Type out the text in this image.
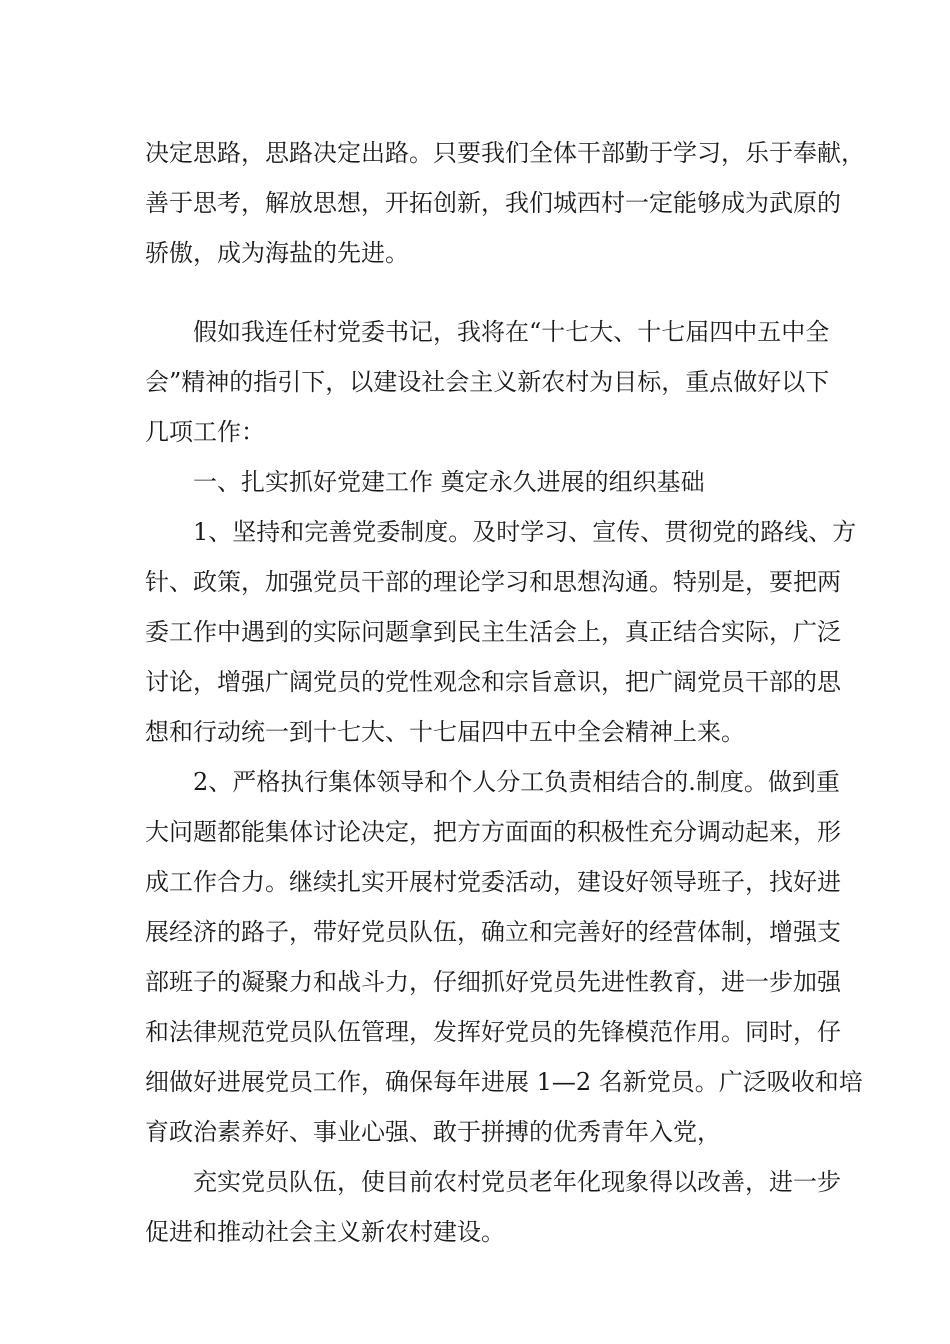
决定思路，思路决定出路。只要我们全体干部勤于学习，乐于奉献，
善于思考，解放思想，开拓创新，我们城西村一定能够成为武原的
骄傲，成为海盐的先进。
假如我连任村党委书记，我将在“十七大、十七届四中五中全
会”精神的指引下，以建设社会主义新农村为目标，重点做好以下
几项工作：
一、扎实抓好党建工作 奠定永久进展的组织基础
1、坚持和完善党委制度。及时学习、宣传、贯彻党的路线、方
针、政策，加强党员干部的理论学习和思想沟通。特别是，要把两
委工作中遇到的实际问题拿到民主生活会上，真正结合实际，广泛
讨论，增强广阔党员的党性观念和宗旨意识，把广阔党员干部的思
想和行动统一到十七大、十七届四中五中全会精神上来。
2、严格执行集体领导和个人分工负责相结合的.制度。做到重
大问题都能集体讨论决定，把方方面面的积极性充分调动起来，形
成工作合力。继续扎实开展村党委活动，建设好领导班子，找好进
展经济的路子，带好党员队伍，确立和完善好的经营体制，增强支
部班子的凝聚力和战斗力，仔细抓好党员先进性教育，进一步加强
和法律规范党员队伍管理，发挥好党员的先锋模范作用。同时，仔
细做好进展党员工作，确保每年进展 1—2 名新党员。广泛吸收和培
育政治素养好、事业心强、敢于拼搏的优秀青年入党，
充实党员队伍，使目前农村党员老年化现象得以改善，进一步
促进和推动社会主义新农村建设。
